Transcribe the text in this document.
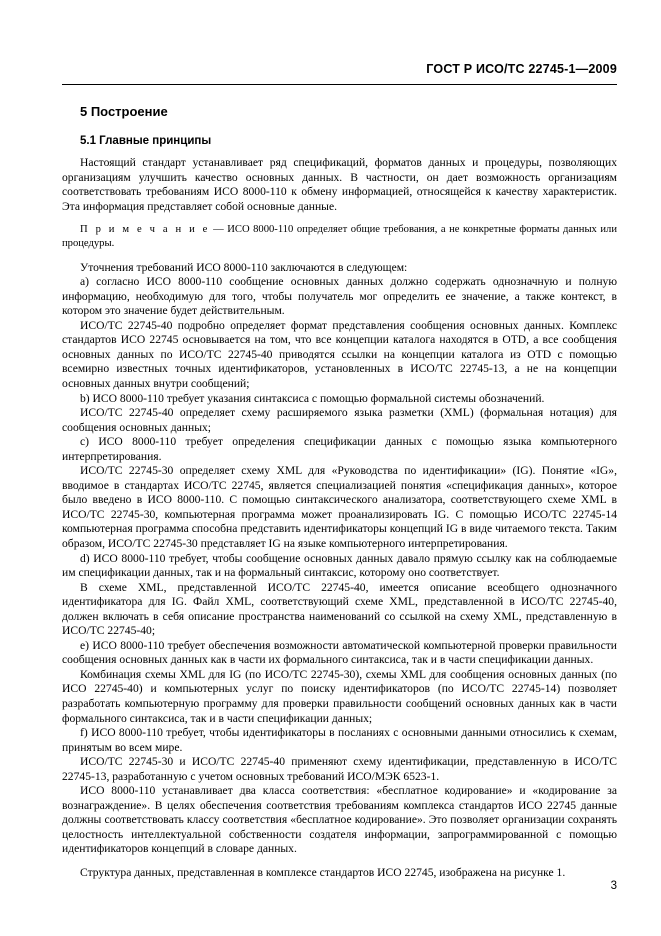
ГОСТ Р ИСО/ТС 22745-1—2009
5 Построение
5.1 Главные принципы

Настоящий стандарт устанавливает ряд спецификаций, форматов данных и процедуры, позволяющих организациям улучшить качество основных данных. В частности, он дает возможность организациям соответствовать требованиям ИСО 8000-110 к обмену информацией, относящейся к качеству характеристик. Эта информация представляет собой основные данные.

П р и м е ч а н и е — ИСО 8000-110 определяет общие требования, а не конкретные форматы данных или процедуры.

Уточнения требований ИСО 8000-110 заключаются в следующем:

a) согласно ИСО 8000-110 сообщение основных данных должно содержать однозначную и полную информацию, необходимую для того, чтобы получатель мог определить ее значение, а также контекст, в котором это значение будет действительным.

ИСО/ТС 22745-40 подробно определяет формат представления сообщения основных данных. Комплекс стандартов ИСО 22745 основывается на том, что все концепции каталога находятся в OTD, а все сообщения основных данных по ИСО/ТС 22745-40 приводятся ссылки на концепции каталога из OTD с помощью всемирно известных точных идентификаторов, установленных в ИСО/ТС 22745-13, а не на концепции основных данных внутри сообщений;

b) ИСО 8000-110 требует указания синтаксиса с помощью формальной системы обозначений.

ИСО/ТС 22745-40 определяет схему расширяемого языка разметки (XML) (формальная нотация) для сообщения основных данных;

c) ИСО 8000-110 требует определения спецификации данных с помощью языка компьютерного интерпретирования.

ИСО/ТС 22745-30 определяет схему XML для «Руководства по идентификации» (IG). Понятие «IG», вводимое в стандартах ИСО/ТС 22745, является специализацией понятия «спецификация данных», которое было введено в ИСО 8000-110. С помощью синтаксического анализатора, соответствующего схеме XML в ИСО/ТС 22745-30, компьютерная программа может проанализировать IG. С помощью ИСО/ТС 22745-14 компьютерная программа способна представить идентификаторы концепций IG в виде читаемого текста. Таким образом, ИСО/ТС 22745-30 представляет IG на языке компьютерного интерпретирования.

d) ИСО 8000-110 требует, чтобы сообщение основных данных давало прямую ссылку как на соблюдаемые им спецификации данных, так и на формальный синтаксис, которому оно соответствует.

В схеме XML, представленной ИСО/ТС 22745-40, имеется описание всеобщего однозначного идентификатора для IG. Файл XML, соответствующий схеме XML, представленной в ИСО/ТС 22745-40, должен включать в себя описание пространства наименований со ссылкой на схему XML, представленную в ИСО/ТС 22745-40;

e) ИСО 8000-110 требует обеспечения возможности автоматической компьютерной проверки правильности сообщения основных данных как в части их формального синтаксиса, так и в части спецификации данных.

Комбинация схемы XML для IG (по ИСО/ТС 22745-30), схемы XML для сообщения основных данных (по ИСО 22745-40) и компьютерных услуг по поиску идентификаторов (по ИСО/ТС 22745-14) позволяет разработать компьютерную программу для проверки правильности сообщений основных данных как в части формального синтаксиса, так и в части спецификации данных;

f) ИСО 8000-110 требует, чтобы идентификаторы в посланиях с основными данными относились к схемам, принятым во всем мире.

ИСО/ТС 22745-30 и ИСО/ТС 22745-40 применяют схему идентификации, представленную в ИСО/ТС 22745-13, разработанную с учетом основных требований ИСО/МЭК 6523-1.

ИСО 8000-110 устанавливает два класса соответствия: «бесплатное кодирование» и «кодирование за вознаграждение». В целях обеспечения соответствия требованиям комплекса стандартов ИСО 22745 данные должны соответствовать классу соответствия «бесплатное кодирование». Это позволяет организации сохранять целостность интеллектуальной собственности создателя информации, запрограммированной с помощью идентификаторов концепций в словаре данных.

Структура данных, представленная в комплексе стандартов ИСО 22745, изображена на рисунке 1.

3
